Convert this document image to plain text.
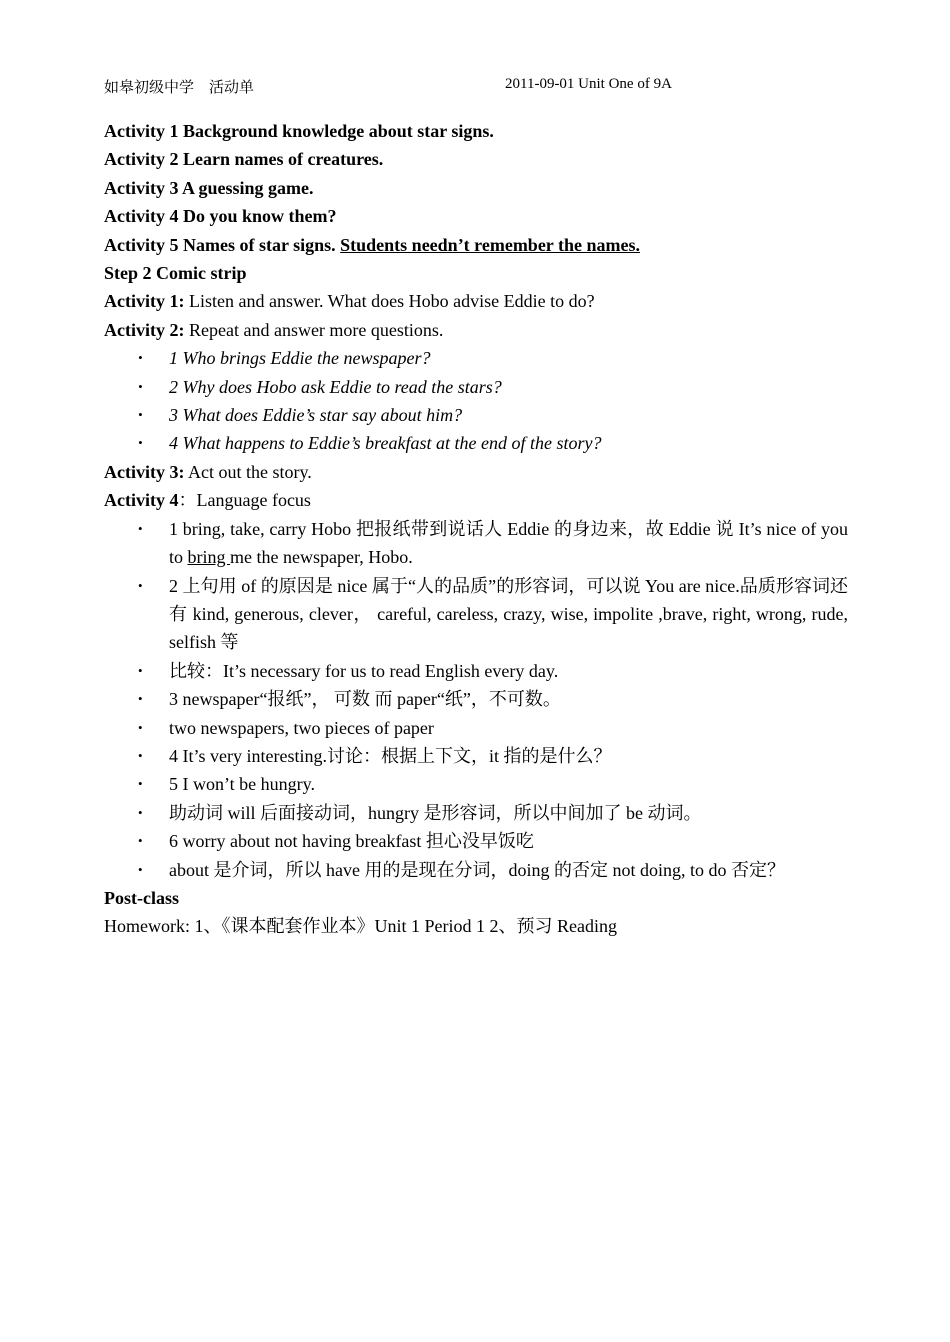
如皋初级中学　活动单	2011-09-01 Unit One of 9A
Activity 1 Background knowledge about star signs.
Activity 2 Learn names of creatures.
Activity 3 A guessing game.
Activity 4 Do you know them?
Activity 5 Names of star signs. Students needn’t remember the names.
Step 2 Comic strip
Activity 1: Listen and answer. What does Hobo advise Eddie to do?
Activity 2: Repeat and answer more questions.
• 1 Who brings Eddie the newspaper?
• 2 Why does Hobo ask Eddie to read the stars?
• 3 What does Eddie’s star say about him?
• 4 What happens to Eddie’s breakfast at the end of the story?
Activity 3: Act out the story.
Activity 4：Language focus
• 1 bring, take, carry Hobo 把报纸带到说话人 Eddie 的身边来，故 Eddie 说 It’s nice of you to bring me the newspaper, Hobo.
• 2 上句用 of 的原因是 nice 属于“人的品质”的形容词，可以说 You are nice.品质形容词还有 kind, generous, clever， careful, careless, crazy, wise, impolite ,brave, right, wrong, rude, selfish 等
• 比较：It’s necessary for us to read English every day.
• 3 newspaper“报纸”， 可数 而 paper“纸”，不可数。
• two newspapers, two pieces of paper
• 4 It’s very interesting.讨论：根据上下文，it 指的是什么？
• 5 I won’t be hungry.
• 助动词 will 后面接动词，hungry 是形容词，所以中间加了 be 动词。
• 6 worry about not having breakfast 担心没早饭吃
• about 是介词，所以 have 用的是现在分词，doing 的否定 not doing, to do 否定？
Post-class
Homework: 1、《课本配套作业本》Unit 1 Period 1 2、预习 Reading
